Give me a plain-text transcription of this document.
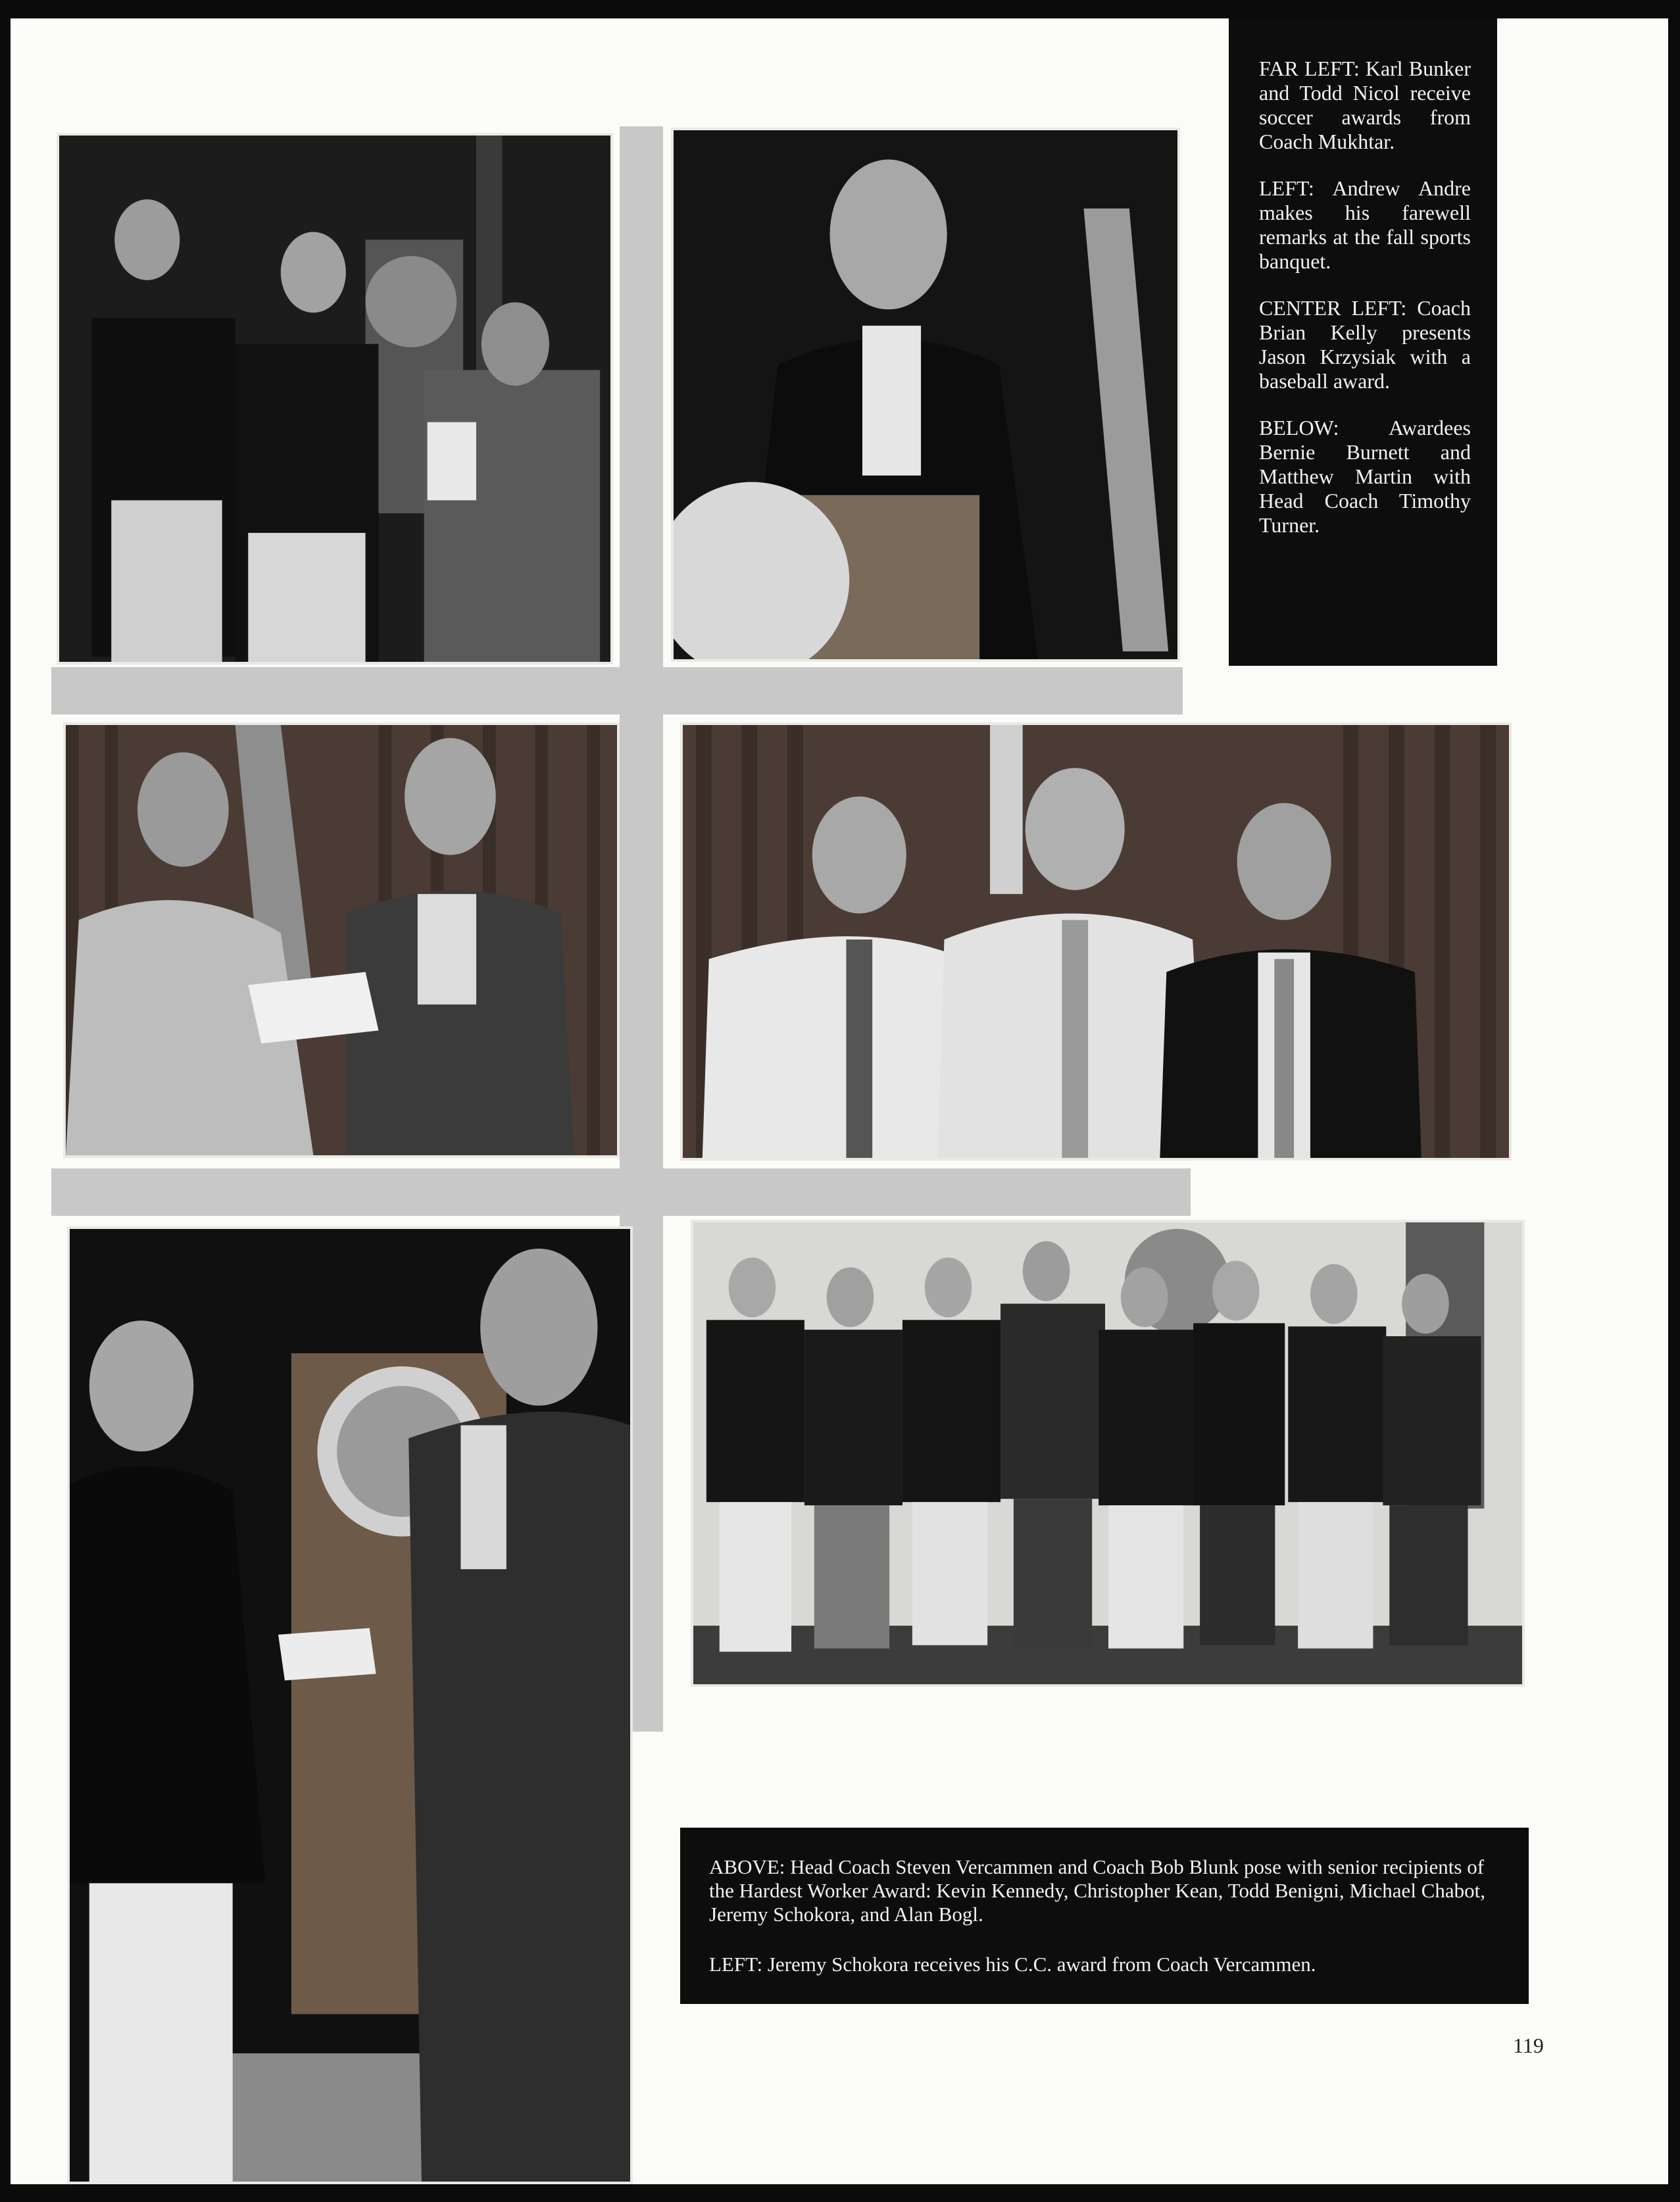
FAR LEFT: Karl Bunker and Todd Nicol receive soccer awards from Coach Mukhtar.

LEFT: Andrew Andre makes his farewell remarks at the fall sports banquet.

CENTER LEFT: Coach Brian Kelly presents Jason Krzysiak with a baseball award.

BELOW: Awardees Bernie Burnett and Matthew Martin with Head Coach Timothy Turner.

ABOVE: Head Coach Steven Vercammen and Coach Bob Blunk pose with senior recipients of the Hardest Worker Award: Kevin Kennedy, Christopher Kean, Todd Benigni, Michael Chabot, Jeremy Schokora, and Alan Bogl.

LEFT: Jeremy Schokora receives his C.C. award from Coach Vercammen.

119
